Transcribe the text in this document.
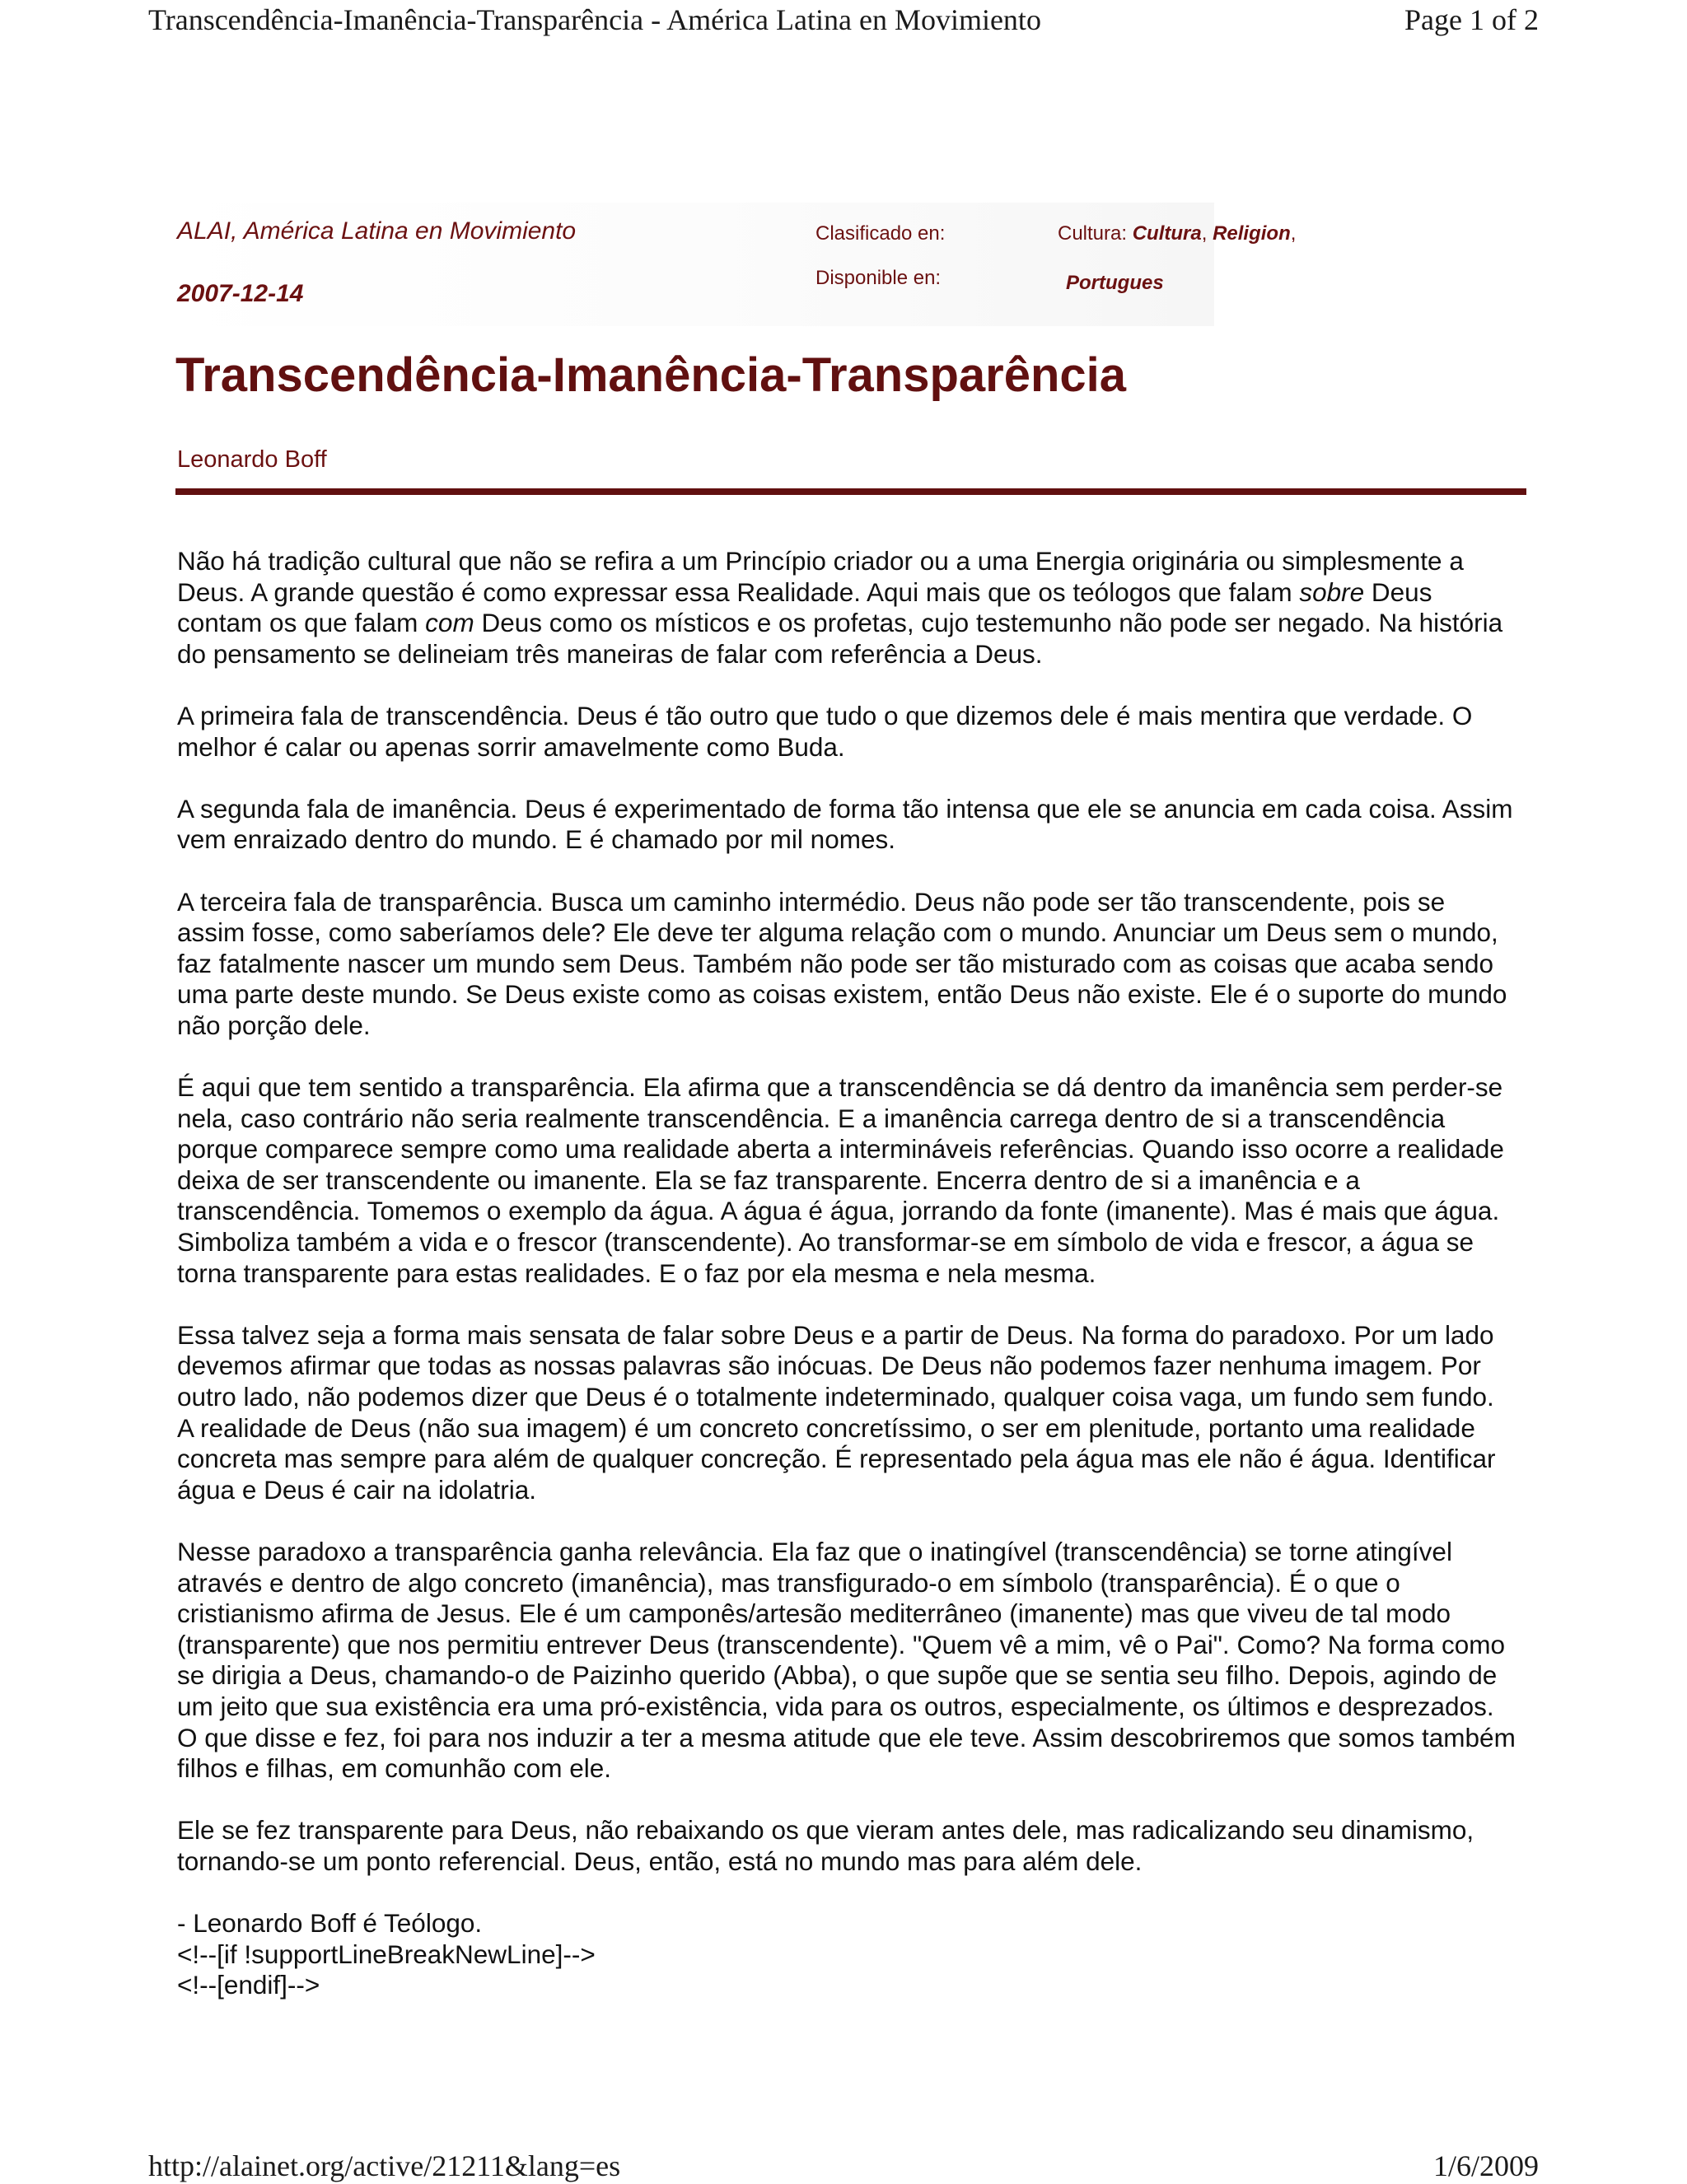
Transcendência-Imanência-Transparência - América Latina en Movimiento	Page 1 of 2
ALAI, América Latina en Movimiento
2007-12-14
Clasificado en:
Disponible en:
Cultura: Cultura, Religion,
Portugues
Transcendência-Imanência-Transparência
Leonardo Boff

Não há tradição cultural que não se refira a um Princípio criador ou a uma Energia originária ou simplesmente a Deus. A grande questão é como expressar essa Realidade. Aqui mais que os teólogos que falam sobre Deus contam os que falam com Deus como os místicos e os profetas, cujo testemunho não pode ser negado. Na história do pensamento se delineiam três maneiras de falar com referência a Deus.

A primeira fala de transcendência. Deus é tão outro que tudo o que dizemos dele é mais mentira que verdade. O melhor é calar ou apenas sorrir amavelmente como Buda.

A segunda fala de imanência. Deus é experimentado de forma tão intensa que ele se anuncia em cada coisa. Assim vem enraizado dentro do mundo. E é chamado por mil nomes.

A terceira fala de transparência. Busca um caminho intermédio. Deus não pode ser tão transcendente, pois se assim fosse, como saberíamos dele? Ele deve ter alguma relação com o mundo. Anunciar um Deus sem o mundo, faz fatalmente nascer um mundo sem Deus. Também não pode ser tão misturado com as coisas que acaba sendo uma parte deste mundo. Se Deus existe como as coisas existem, então Deus não existe. Ele é o suporte do mundo não porção dele.

É aqui que tem sentido a transparência. Ela afirma que a transcendência se dá dentro da imanência sem perder-se nela, caso contrário não seria realmente transcendência. E a imanência carrega dentro de si a transcendência porque comparece sempre como uma realidade aberta a intermináveis referências. Quando isso ocorre a realidade deixa de ser transcendente ou imanente. Ela se faz transparente. Encerra dentro de si a imanência e a transcendência. Tomemos o exemplo da água. A água é água, jorrando da fonte (imanente). Mas é mais que água. Simboliza também a vida e o frescor (transcendente). Ao transformar-se em símbolo de vida e frescor, a água se torna transparente para estas realidades. E o faz por ela mesma e nela mesma.

Essa talvez seja a forma mais sensata de falar sobre Deus e a partir de Deus. Na forma do paradoxo. Por um lado devemos afirmar que todas as nossas palavras são inócuas. De Deus não podemos fazer nenhuma imagem. Por outro lado, não podemos dizer que Deus é o totalmente indeterminado, qualquer coisa vaga, um fundo sem fundo. A realidade de Deus (não sua imagem) é um concreto concretíssimo, o ser em plenitude, portanto uma realidade concreta mas sempre para além de qualquer concreção. É representado pela água mas ele não é água. Identificar água e Deus é cair na idolatria.

Nesse paradoxo a transparência ganha relevância. Ela faz que o inatingível (transcendência) se torne atingível através e dentro de algo concreto (imanência), mas transfigurado-o em símbolo (transparência). É o que o cristianismo afirma de Jesus. Ele é um camponês/artesão mediterrâneo (imanente) mas que viveu de tal modo (transparente) que nos permitiu entrever Deus (transcendente). "Quem vê a mim, vê o Pai". Como? Na forma como se dirigia a Deus, chamando-o de Paizinho querido (Abba), o que supõe que se sentia seu filho. Depois, agindo de um jeito que sua existência era uma pró-existência, vida para os outros, especialmente, os últimos e desprezados. O que disse e fez, foi para nos induzir a ter a mesma atitude que ele teve. Assim descobriremos que somos também filhos e filhas, em comunhão com ele.

Ele se fez transparente para Deus, não rebaixando os que vieram antes dele, mas radicalizando seu dinamismo, tornando-se um ponto referencial. Deus, então, está no mundo mas para além dele.

- Leonardo Boff é Teólogo.

<!--[if !supportLineBreakNewLine]-->

<!--[endif]-->

http://alainet.org/active/21211&lang=es	1/6/2009
